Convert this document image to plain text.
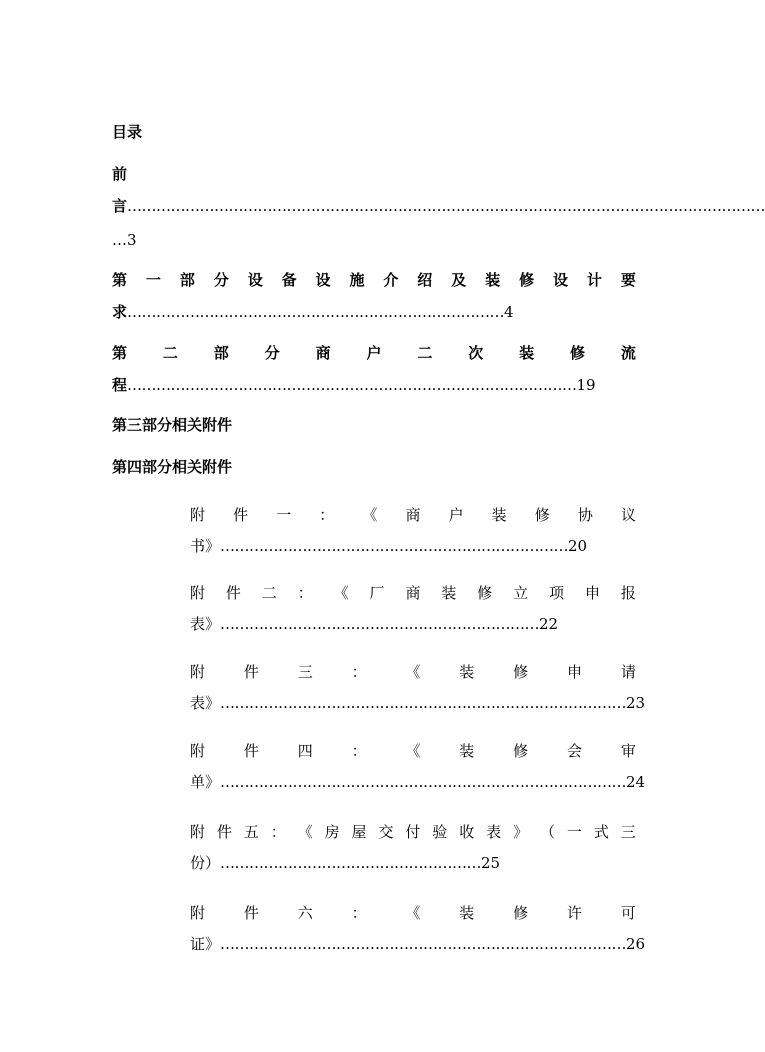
目录
前
言……………………………………………………………………………………………………………………
…3
第 一 部 分 设 备 设 施 介 绍 及 装 修 设 计 要
求……………………………………………………………………4
第 二 部 分 商 户 二 次 装 修 流
程…………………………………………………………………………………19
第三部分相关附件
第四部分相关附件
附 件 一 ： 《 商 户 装 修 协 议
书》………………………………………………………………20
附 件 二 ： 《 厂 商 装 修 立 项 申 报
表》…………………………………………………………22
附	件	三	：	《	装	修	申	请
表》…………………………………………………………………………23
附	件	四	：	《	装	修	会	审
单》…………………………………………………………………………24
附 件 五 ： 《 房 屋 交 付 验 收 表 》 （ 一 式 三
份）………………………………………………25
附	件	六	：	《	装	修	许	可
证》…………………………………………………………………………26
